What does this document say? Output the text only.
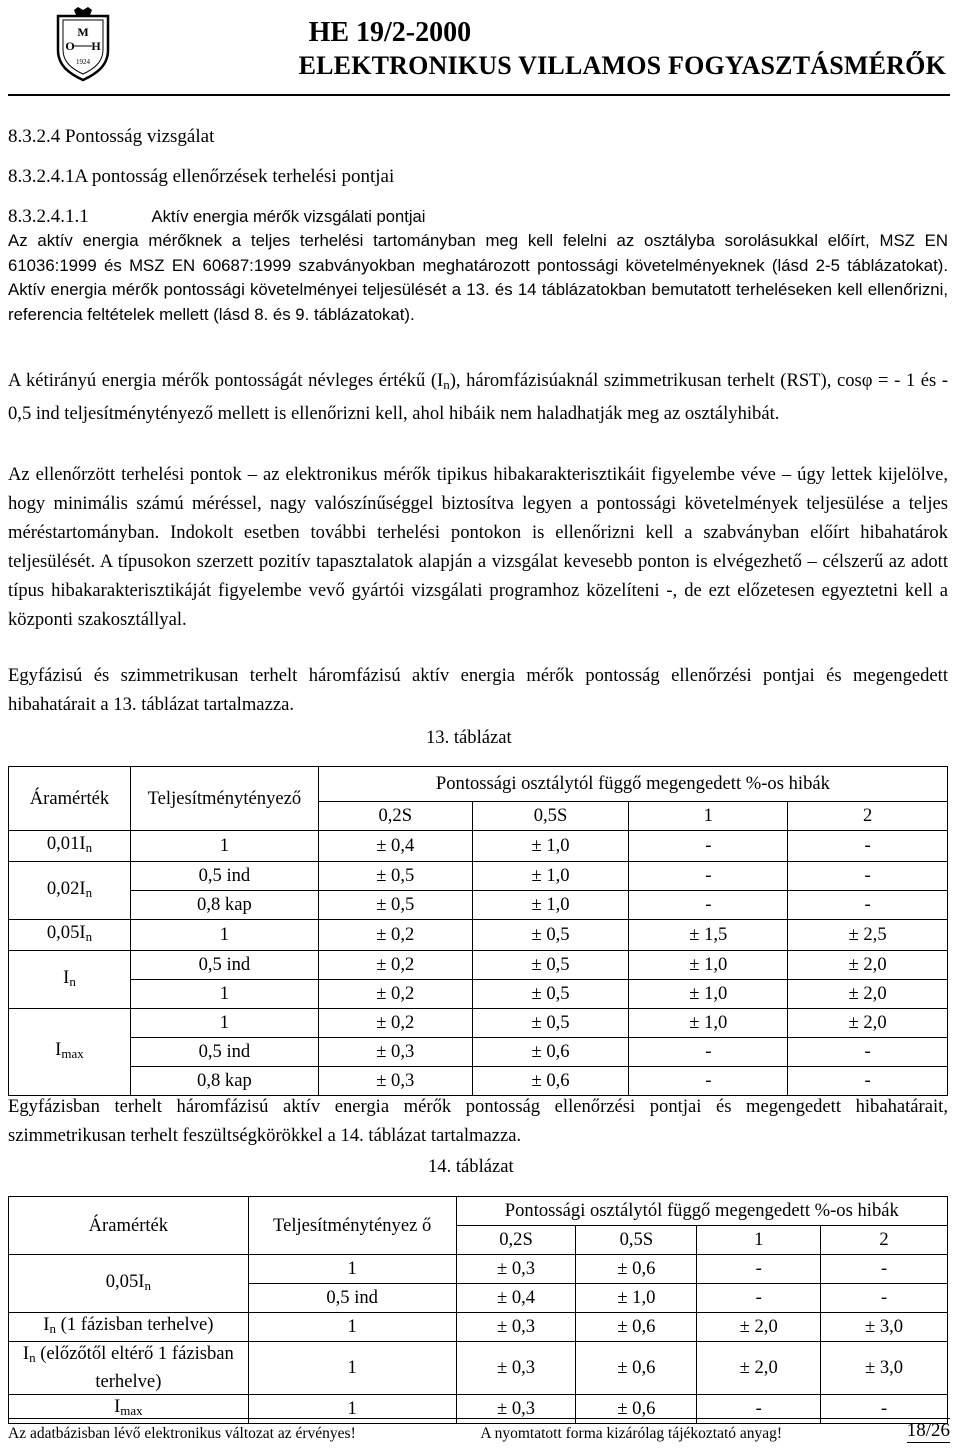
M
O H
1924
HE 19/2-2000
ELEKTRONIKUS VILLAMOS FOGYASZTÁSMÉRŐK
8.3.2.4 Pontosság vizsgálat
8.3.2.4.1A pontosság ellenőrzések terhelési pontjai
8.3.2.4.1.1	Aktív energia mérők vizsgálati pontjai

Az aktív energia mérőknek a teljes terhelési tartományban meg kell felelni az osztályba sorolásukkal előírt, MSZ EN 61036:1999 és MSZ EN 60687:1999 szabványokban meghatározott pontossági követelményeknek (lásd 2-5 táblázatokat). Aktív energia mérők pontossági követelményei teljesülését a 13. és 14 táblázatokban bemutatott terheléseken kell ellenőrizni, referencia feltételek mellett (lásd 8. és 9. táblázatokat).

A kétirányú energia mérők pontosságát névleges értékű $(I_n)$, háromfázisúaknál szimmetrikusan terhelt (RST), cosφ = - 1 és - 0,5 ind teljesítménytényező mellett is ellenőrizni kell, ahol hibáik nem haladhatják meg az osztályhibát.

Az ellenőrzött terhelési pontok – az elektronikus mérők tipikus hibakarakterisztikáit figyelembe véve – úgy lettek kijelölve, hogy minimális számú méréssel, nagy valószínűséggel biztosítva legyen a pontossági követelmények teljesülése a teljes méréstartományban. Indokolt esetben további terhelési pontokon is ellenőrizni kell a szabványban előírt hibahatárok teljesülését. A típusokon szerzett pozitív tapasztalatok alapján a vizsgálat kevesebb ponton is elvégezhető – célszerű az adott típus hibakarakterisztikáját figyelembe vevő gyártói vizsgálati programhoz közelíteni -, de ezt előzetesen egyeztetni kell a központi szakosztállyal.

Egyfázisú és szimmetrikusan terhelt háromfázisú aktív energia mérők pontosság ellenőrzési pontjai és megengedett hibahatárait a 13. táblázat tartalmazza.

13. táblázat
Áramérték	Teljesítménytényező	Pontossági osztálytól függő megengedett %-os hibák			
		0,2S	0,5S	1	2
$0,01I_n$	1	± 0,4	± 1,0	-	-
$0,02I_n$	0,5 ind	± 0,5	± 1,0	-	-
	0,8 kap	± 0,5	± 1,0	-	-
$0,05I_n$	1	± 0,2	± 0,5	± 1,5	± 2,5
$I_n$	0,5 ind	± 0,2	± 0,5	± 1,0	± 2,0
	1	± 0,2	± 0,5	± 1,0	± 2,0
$I_{max}$	1	± 0,2	± 0,5	± 1,0	± 2,0
	0,5 ind	± 0,3	± 0,6	-	-
	0,8 kap	± 0,3	± 0,6	-	-

Egyfázisban terhelt háromfázisú aktív energia mérők pontosság ellenőrzési pontjai és megengedett hibahatárait, szimmetrikusan terhelt feszültségkörökkel a 14. táblázat tartalmazza.

14. táblázat
Áramérték	Teljesítménytényez ő	Pontossági osztálytól függő megengedett %-os hibák			
		0,2S	0,5S	1	2
$0,05I_n$	1	± 0,3	± 0,6	-	-
	0,5 ind	± 0,4	± 1,0	-	-
$I_n$ (1 fázisban terhelve)	1	± 0,3	± 0,6	± 2,0	± 3,0
$I_n$ (előzőtől eltérő 1 fázisban terhelve)	1	± 0,3	± 0,6	± 2,0	± 3,0
$I_{max}$	1	± 0,3	± 0,6	-	-
Az adatbázisban lévő elektronikus változat az érvényes!	A nyomtatott forma kizárólag tájékoztató anyag!	18/26
